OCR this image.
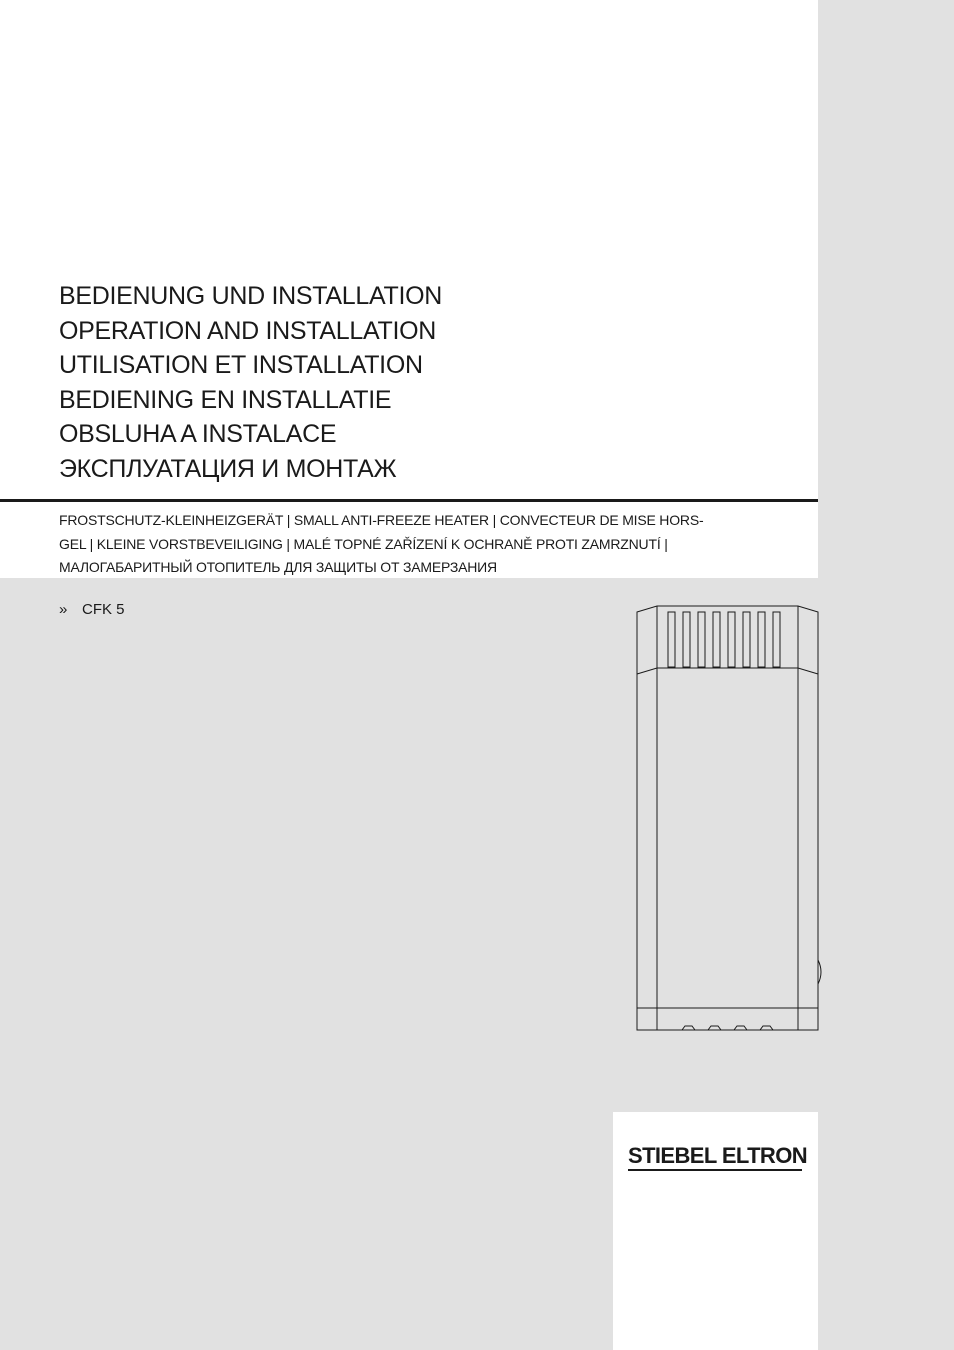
BEDIENUNG UND INSTALLATION
OPERATION AND INSTALLATION
UTILISATION ET INSTALLATION
BEDIENING EN INSTALLATIE
OBSLUHA A INSTALACE
ЭКСПЛУАТАЦИЯ И МОНТАЖ

FROSTSCHUTZ-KLEINHEIZGERÄT | SMALL ANTI-FREEZE HEATER | CONVECTEUR DE MISE HORS-
GEL | KLEINE VORSTBEVEILIGING | MALÉ TOPNÉ ZAŘÍZENÍ K OCHRANĚ PROTI ZAMRZNUTÍ |
МАЛОГАБАРИТНЫЙ ОТОПИТЕЛЬ ДЛЯ ЗАЩИТЫ ОТ ЗАМЕРЗАНИЯ

» CFK 5
STIEBEL ELTRON
